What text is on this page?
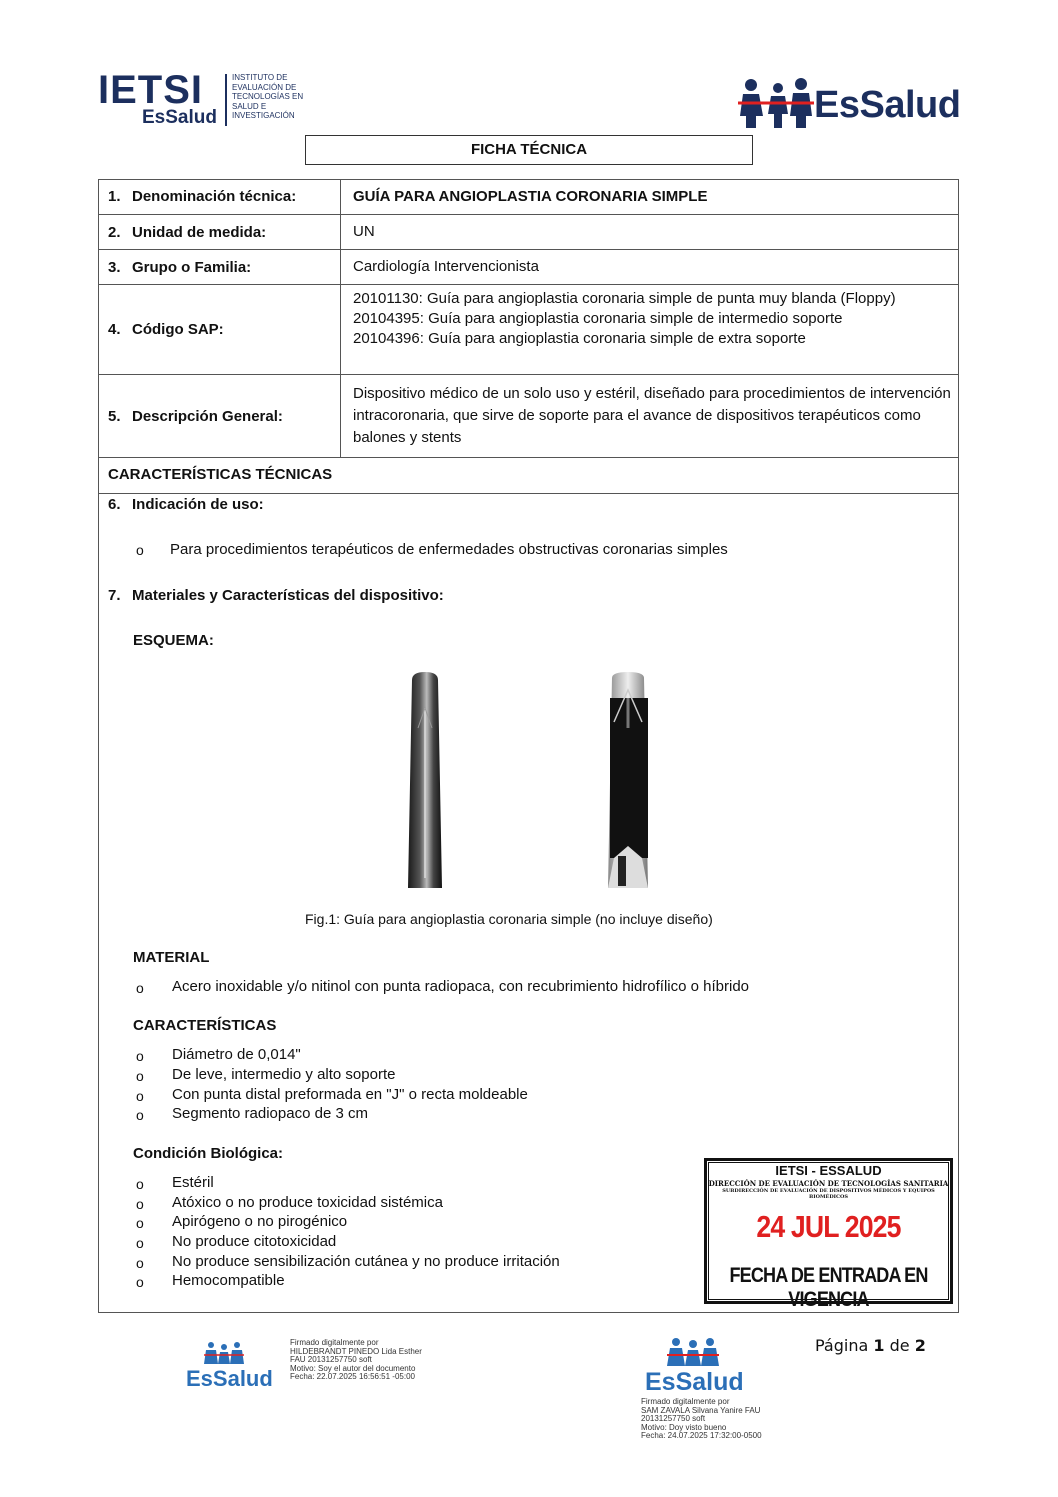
IETSI
EsSalud
INSTITUTO DE
EVALUACIÓN DE
TECNOLOGÍAS EN
SALUD E
INVESTIGACIÓN	EsSalud
FICHA TÉCNICA
1. Denominación técnica:	GUÍA PARA ANGIOPLASTIA CORONARIA SIMPLE
2. Unidad de medida:	UN
3. Grupo o Familia:	Cardiología Intervencionista
4. Código SAP:
20101130: Guía para angioplastia coronaria simple de punta muy blanda (Floppy)
20104395: Guía para angioplastia coronaria simple de intermedio soporte
20104396: Guía para angioplastia coronaria simple de extra soporte
5. Descripción General:
Dispositivo médico de un solo uso y estéril, diseñado para procedimientos de intervención intracoronaria, que sirve de soporte para el avance de dispositivos terapéuticos como balones y stents
CARACTERÍSTICAS TÉCNICAS
6. Indicación de uso:
o Para procedimientos terapéuticos de enfermedades obstructivas coronarias simples
7. Materiales y Características del dispositivo:
ESQUEMA:
Fig.1: Guía para angioplastia coronaria simple (no incluye diseño)
MATERIAL
o Acero inoxidable y/o nitinol con punta radiopaca, con recubrimiento hidrofílico o híbrido
CARACTERÍSTICAS
o Diámetro de 0,014"
o De leve, intermedio y alto soporte
o Con punta distal preformada en "J" o recta moldeable
o Segmento radiopaco de 3 cm
Condición Biológica:
o Estéril
o Atóxico o no produce toxicidad sistémica
o Apirógeno o no pirogénico
o No produce citotoxicidad
o No produce sensibilización cutánea y no produce irritación
o Hemocompatible
IETSI - ESSALUD
DIRECCIÓN DE EVALUACIÓN DE TECNOLOGÍAS SANITARIA
SUBDIRECCIÓN DE EVALUACIÓN DE DISPOSITIVOS MÉDICOS Y EQUIPOS BIOMÉDICOS
24 JUL 2025
FECHA DE ENTRADA EN VIGENCIA
EsSalud
Firmado digitalmente por
HILDEBRANDT PINEDO Lida Esther
FAU 20131257750 soft
Motivo: Soy el autor del documento
Fecha: 22.07.2025 16:56:51 -05:00	EsSalud
Firmado digitalmente por
SAM ZAVALA Silvana Yanire FAU
20131257750 soft
Motivo: Doy visto bueno
Fecha: 24.07.2025 17:32:00-0500
Página 1 de 2
